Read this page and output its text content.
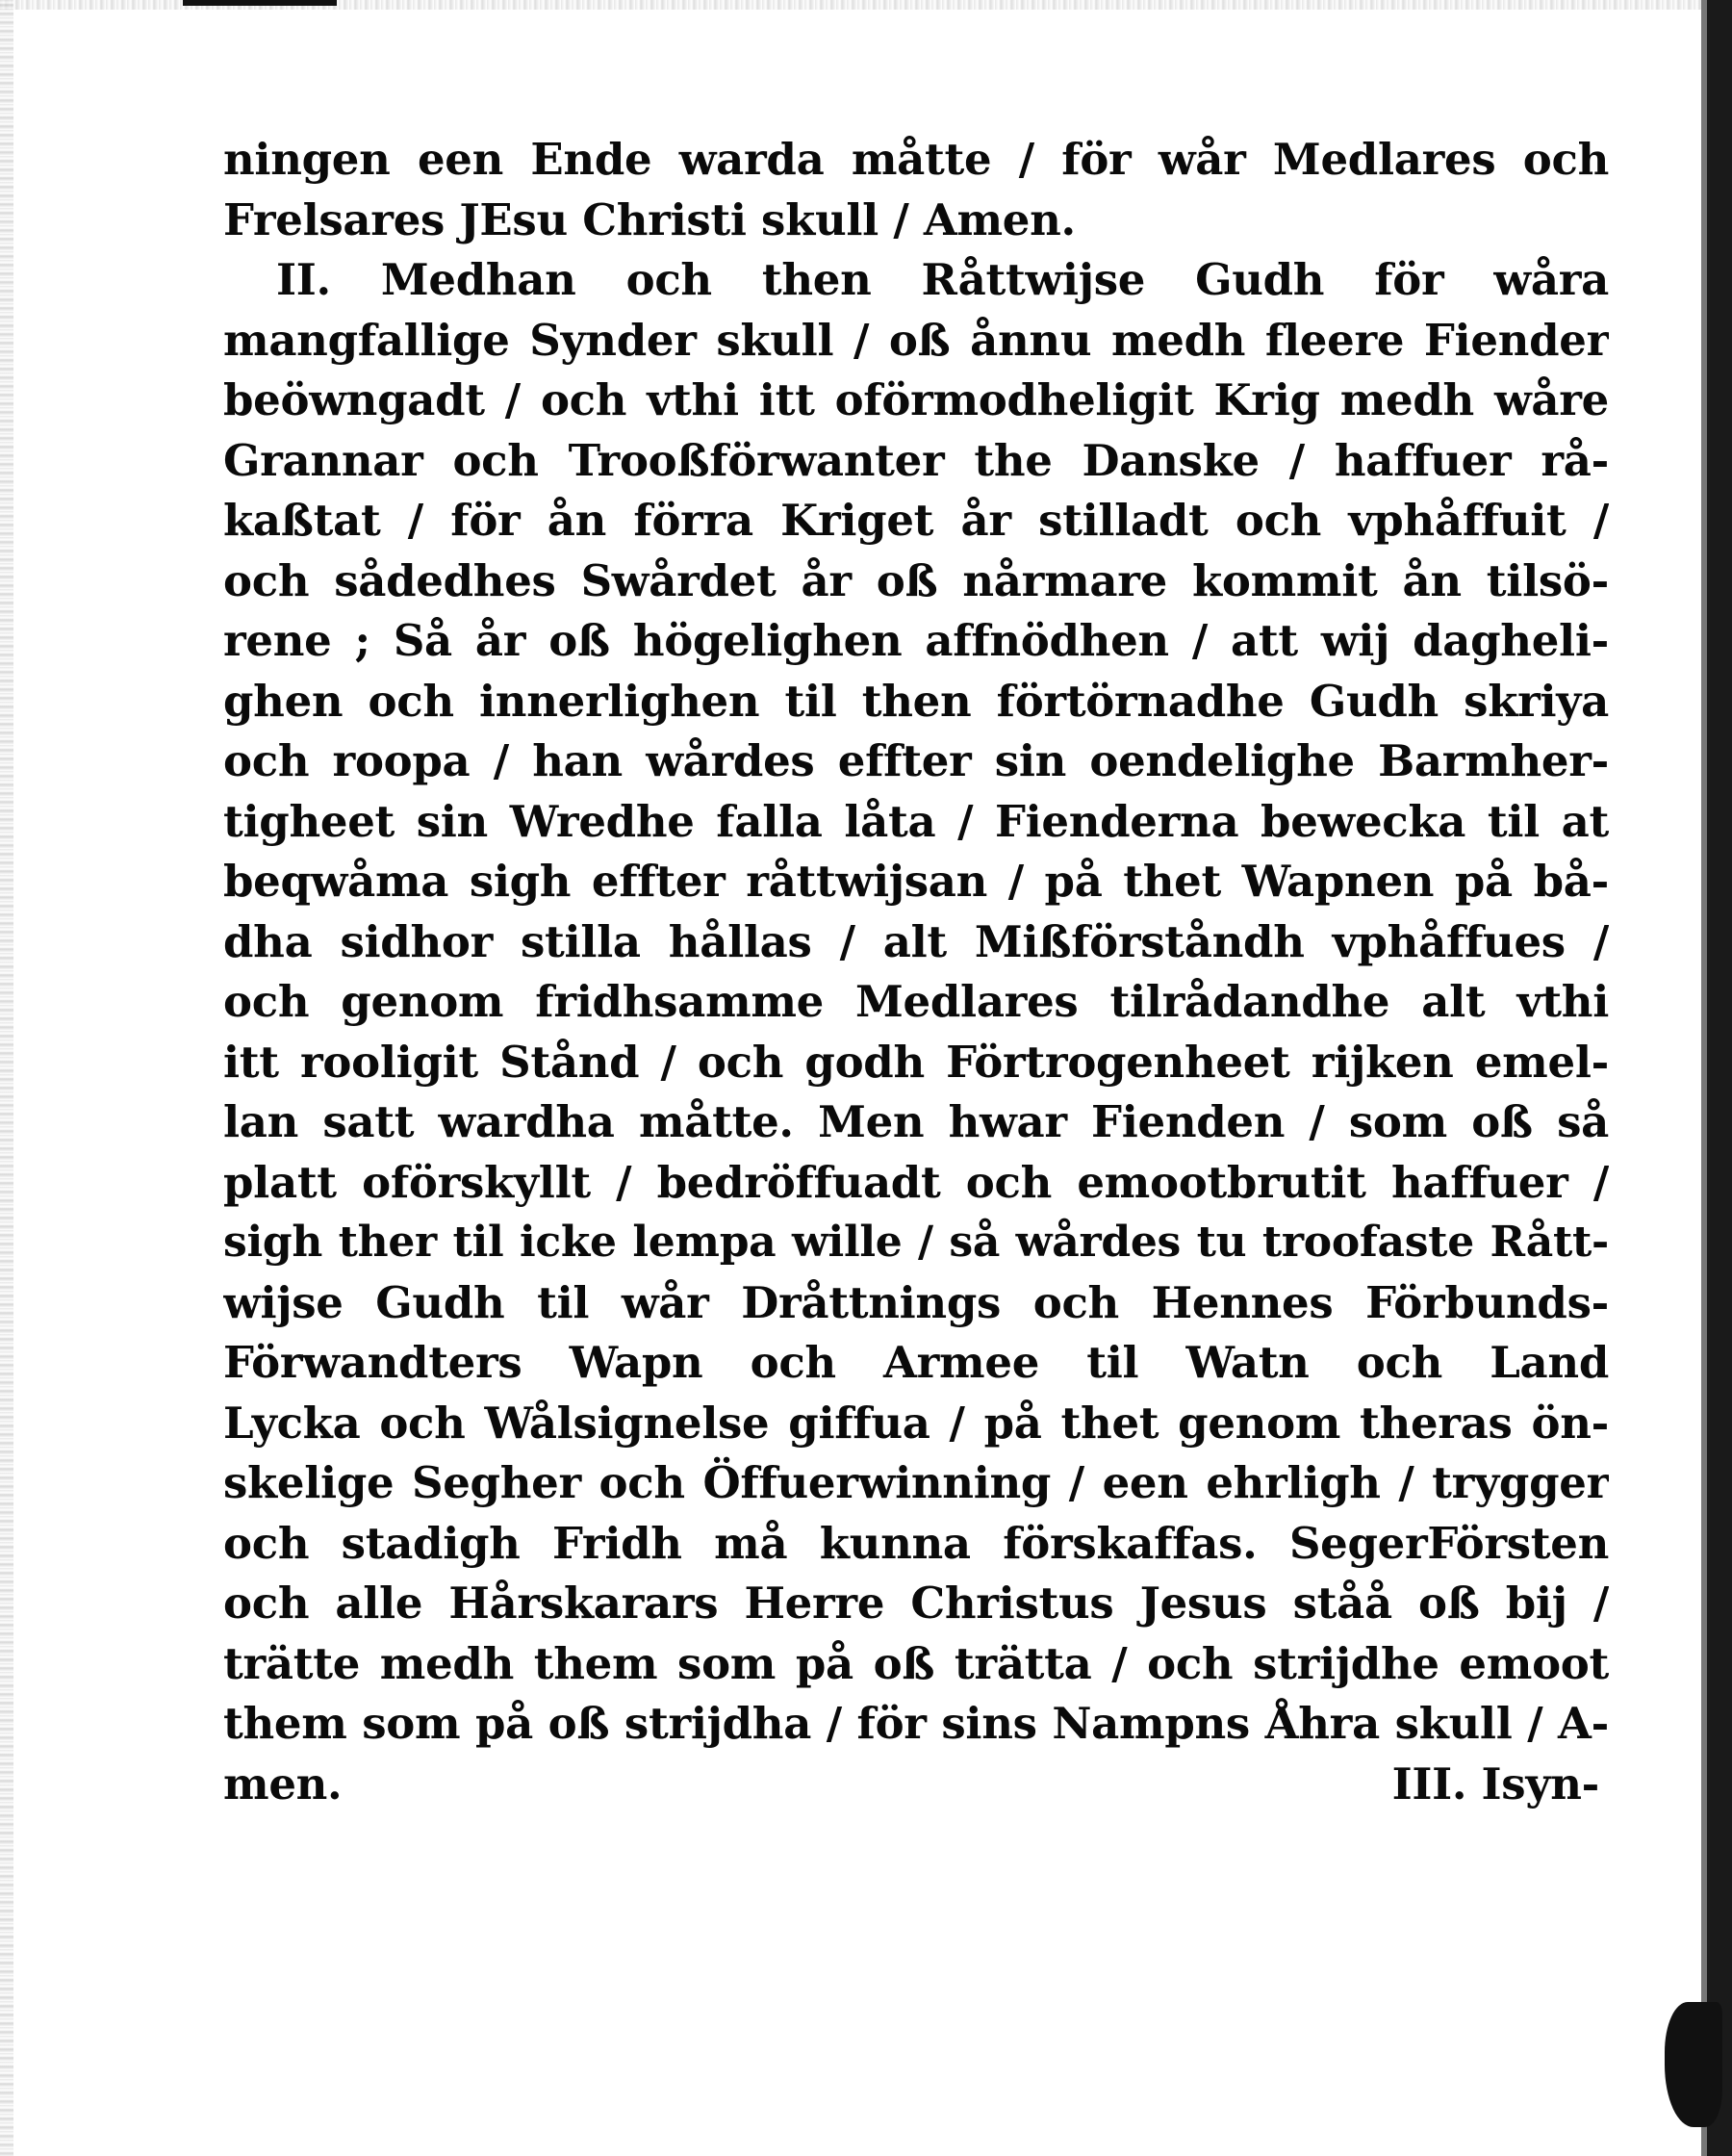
ningen een Ende warda måtte / för wår Medlares och
Frelsares JEsu Christi skull / Amen.
II. Medhan och then Råttwijse Gudh för wåra
mangfallige Synder skull / oß ånnu medh fleere Fiender
beöwngadt / och vthi itt oförmodheligit Krig medh wåre
Grannar och Trooßförwanter the Danske / haffuer rå-
kaßtat / för ån förra Kriget år stilladt och vphåffuit /
och sådedhes Swårdet år oß nårmare kommit ån tilsö-
rene ; Så år oß högelighen affnödhen / att wij dagheli-
ghen och innerlighen til then förtörnadhe Gudh skriya
och roopa / han wårdes effter sin oendelighe Barmher-
tigheet sin Wredhe falla låta / Fienderna bewecka til at
beqwåma sigh effter råttwijsan / på thet Wapnen på bå-
dha sidhor stilla hållas / alt Mißförståndh vphåffues /
och genom fridhsamme Medlares tilrådandhe alt vthi
itt rooligit Stånd / och godh Förtrogenheet rijken emel-
lan satt wardha måtte. Men hwar Fienden / som oß så
platt oförskyllt / bedröffuadt och emootbrutit haffuer /
sigh ther til icke lempa wille / så wårdes tu troofaste Rått-
wijse Gudh til wår Dråttnings och Hennes Förbunds-
Förwandters Wapn och Armee til Watn och Land
Lycka och Wålsignelse giffua / på thet genom theras ön-
skelige Segher och Öffuerwinning / een ehrligh / trygger
och stadigh Fridh må kunna förskaffas. SegerFörsten
och alle Hårskarars Herre Christus Jesus ståå oß bij /
trätte medh them som på oß trätta / och strijdhe emoot
them som på oß strijdha / för sins Nampns Åhra skull / A-
men.	III. Isyn-
